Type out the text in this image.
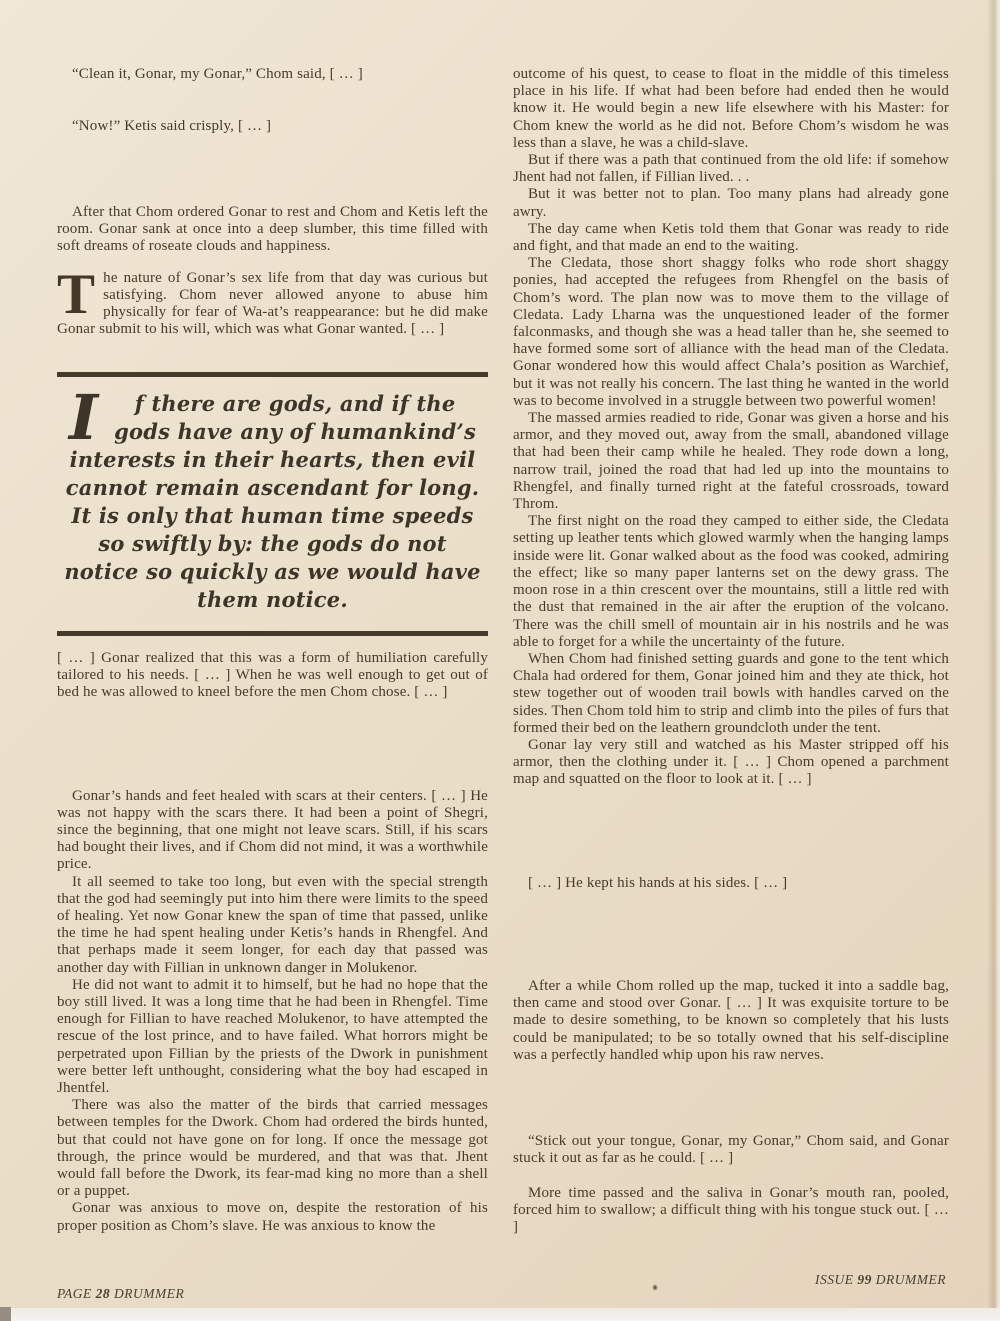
“Clean it, Gonar, my Gonar,” Chom said, [ … ]

“Now!” Ketis said crisply, [ … ]

After that Chom ordered Gonar to rest and Chom and Ketis left the room. Gonar sank at once into a deep slumber, this time filled with soft dreams of roseate clouds and happiness.

The nature of Gonar’s sex life from that day was curious but satisfying. Chom never allowed anyone to abuse him physically for fear of Wa-at’s reappearance: but he did make Gonar submit to his will, which was what Gonar wanted. [ … ]

I f there are gods, and if the gods have any of humankind’s interests in their hearts, then evil cannot remain ascendant for long. It is only that human time speeds so swiftly by: the gods do not notice so quickly as we would have them notice.

[ … ] Gonar realized that this was a form of humiliation carefully tailored to his needs. [ … ] When he was well enough to get out of bed he was allowed to kneel before the men Chom chose. [ … ]

Gonar’s hands and feet healed with scars at their centers. [ … ] He was not happy with the scars there. It had been a point of Shegri, since the beginning, that one might not leave scars. Still, if his scars had bought their lives, and if Chom did not mind, it was a worthwhile price.

It all seemed to take too long, but even with the special strength that the god had seemingly put into him there were limits to the speed of healing. Yet now Gonar knew the span of time that passed, unlike the time he had spent healing under Ketis’s hands in Rhengfel. And that perhaps made it seem longer, for each day that passed was another day with Fillian in unknown danger in Molukenor.

He did not want to admit it to himself, but he had no hope that the boy still lived. It was a long time that he had been in Rhengfel. Time enough for Fillian to have reached Molukenor, to have attempted the rescue of the lost prince, and to have failed. What horrors might be perpetrated upon Fillian by the priests of the Dwork in punishment were better left unthought, considering what the boy had escaped in Jhentfel.

There was also the matter of the birds that carried messages between temples for the Dwork. Chom had ordered the birds hunted, but that could not have gone on for long. If once the message got through, the prince would be murdered, and that was that. Jhent would fall before the Dwork, its fear-mad king no more than a shell or a puppet.

Gonar was anxious to move on, despite the restoration of his proper position as Chom’s slave. He was anxious to know the

outcome of his quest, to cease to float in the middle of this timeless place in his life. If what had been before had ended then he would know it. He would begin a new life elsewhere with his Master: for Chom knew the world as he did not. Before Chom’s wisdom he was less than a slave, he was a child-slave.

But if there was a path that continued from the old life: if somehow Jhent had not fallen, if Fillian lived. . .

But it was better not to plan. Too many plans had already gone awry.

The day came when Ketis told them that Gonar was ready to ride and fight, and that made an end to the waiting.

The Cledata, those short shaggy folks who rode short shaggy ponies, had accepted the refugees from Rhengfel on the basis of Chom’s word. The plan now was to move them to the village of Cledata. Lady Lharna was the unquestioned leader of the former falconmasks, and though she was a head taller than he, she seemed to have formed some sort of alliance with the head man of the Cledata. Gonar wondered how this would affect Chala’s position as Warchief, but it was not really his concern. The last thing he wanted in the world was to become involved in a struggle between two powerful women!

The massed armies readied to ride, Gonar was given a horse and his armor, and they moved out, away from the small, abandoned village that had been their camp while he healed. They rode down a long, narrow trail, joined the road that had led up into the mountains to Rhengfel, and finally turned right at the fateful crossroads, toward Throm.

The first night on the road they camped to either side, the Cledata setting up leather tents which glowed warmly when the hanging lamps inside were lit. Gonar walked about as the food was cooked, admiring the effect; like so many paper lanterns set on the dewy grass. The moon rose in a thin crescent over the mountains, still a little red with the dust that remained in the air after the eruption of the volcano. There was the chill smell of mountain air in his nostrils and he was able to forget for a while the uncertainty of the future.

When Chom had finished setting guards and gone to the tent which Chala had ordered for them, Gonar joined him and they ate thick, hot stew together out of wooden trail bowls with handles carved on the sides. Then Chom told him to strip and climb into the piles of furs that formed their bed on the leathern groundcloth under the tent.

Gonar lay very still and watched as his Master stripped off his armor, then the clothing under it. [ … ] Chom opened a parchment map and squatted on the floor to look at it. [ … ]

[ … ] He kept his hands at his sides. [ … ]

After a while Chom rolled up the map, tucked it into a saddle bag, then came and stood over Gonar. [ … ] It was exquisite torture to be made to desire something, to be known so completely that his lusts could be manipulated; to be so totally owned that his self-discipline was a perfectly handled whip upon his raw nerves.

“Stick out your tongue, Gonar, my Gonar,” Chom said, and Gonar stuck it out as far as he could. [ … ]

More time passed and the saliva in Gonar’s mouth ran, pooled, forced him to swallow; a difficult thing with his tongue stuck out. [ … ]

PAGE 28 DRUMMER
ISSUE 99 DRUMMER
